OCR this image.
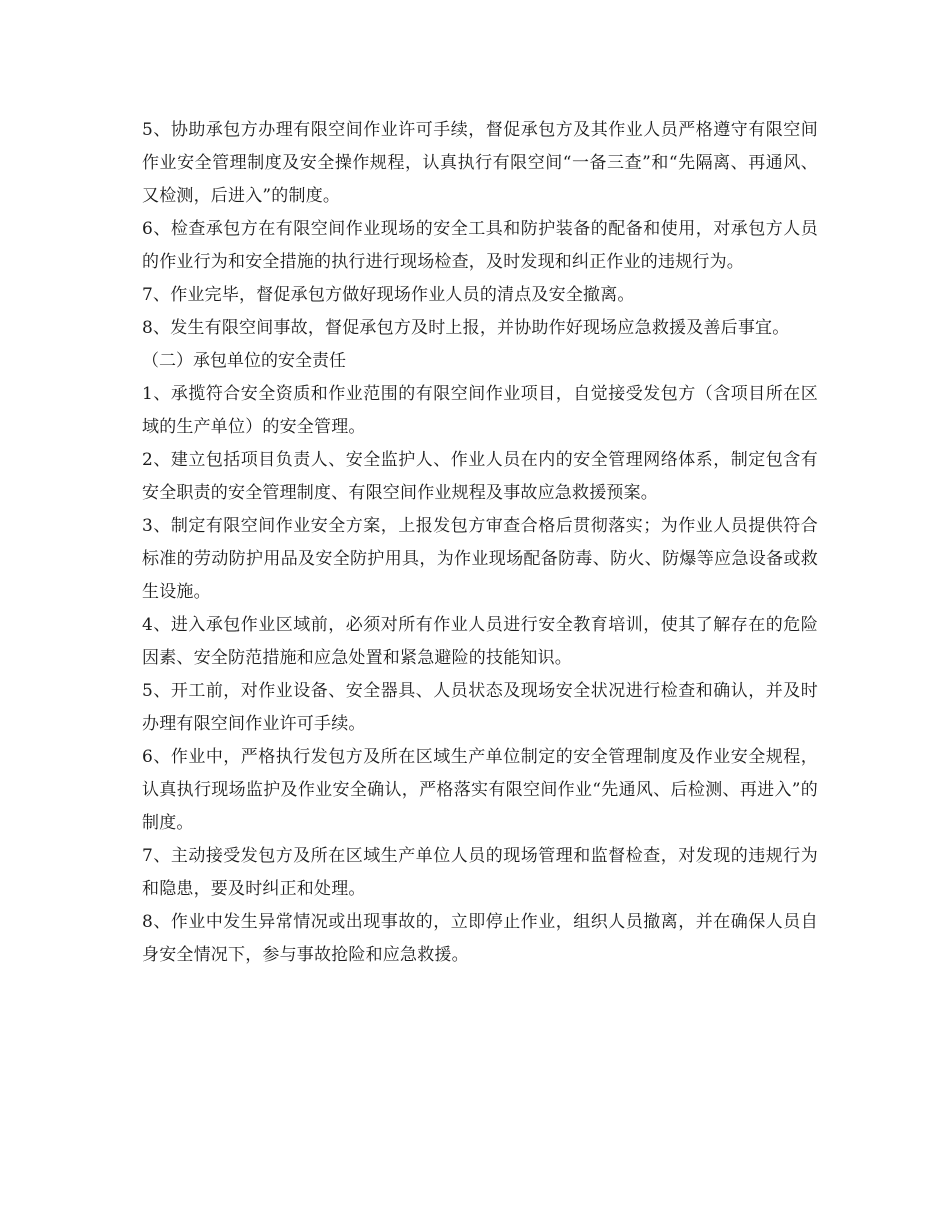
5、协助承包方办理有限空间作业许可手续，督促承包方及其作业人员严格遵守有限空间作业安全管理制度及安全操作规程，认真执行有限空间“一备三查”和“先隔离、再通风、又检测，后进入”的制度。

6、检查承包方在有限空间作业现场的安全工具和防护装备的配备和使用，对承包方人员的作业行为和安全措施的执行进行现场检查，及时发现和纠正作业的违规行为。

7、作业完毕，督促承包方做好现场作业人员的清点及安全撤离。

8、发生有限空间事故，督促承包方及时上报，并协助作好现场应急救援及善后事宜。

（二）承包单位的安全责任

1、承揽符合安全资质和作业范围的有限空间作业项目，自觉接受发包方（含项目所在区域的生产单位）的安全管理。

2、建立包括项目负责人、安全监护人、作业人员在内的安全管理网络体系，制定包含有安全职责的安全管理制度、有限空间作业规程及事故应急救援预案。

3、制定有限空间作业安全方案，上报发包方审查合格后贯彻落实；为作业人员提供符合标准的劳动防护用品及安全防护用具，为作业现场配备防毒、防火、防爆等应急设备或救生设施。

4、进入承包作业区域前，必须对所有作业人员进行安全教育培训，使其了解存在的危险因素、安全防范措施和应急处置和紧急避险的技能知识。

5、开工前，对作业设备、安全器具、人员状态及现场安全状况进行检查和确认，并及时办理有限空间作业许可手续。

6、作业中，严格执行发包方及所在区域生产单位制定的安全管理制度及作业安全规程，认真执行现场监护及作业安全确认，严格落实有限空间作业“先通风、后检测、再进入”的制度。

7、主动接受发包方及所在区域生产单位人员的现场管理和监督检查，对发现的违规行为和隐患，要及时纠正和处理。

8、作业中发生异常情况或出现事故的，立即停止作业，组织人员撤离，并在确保人员自身安全情况下，参与事故抢险和应急救援。
